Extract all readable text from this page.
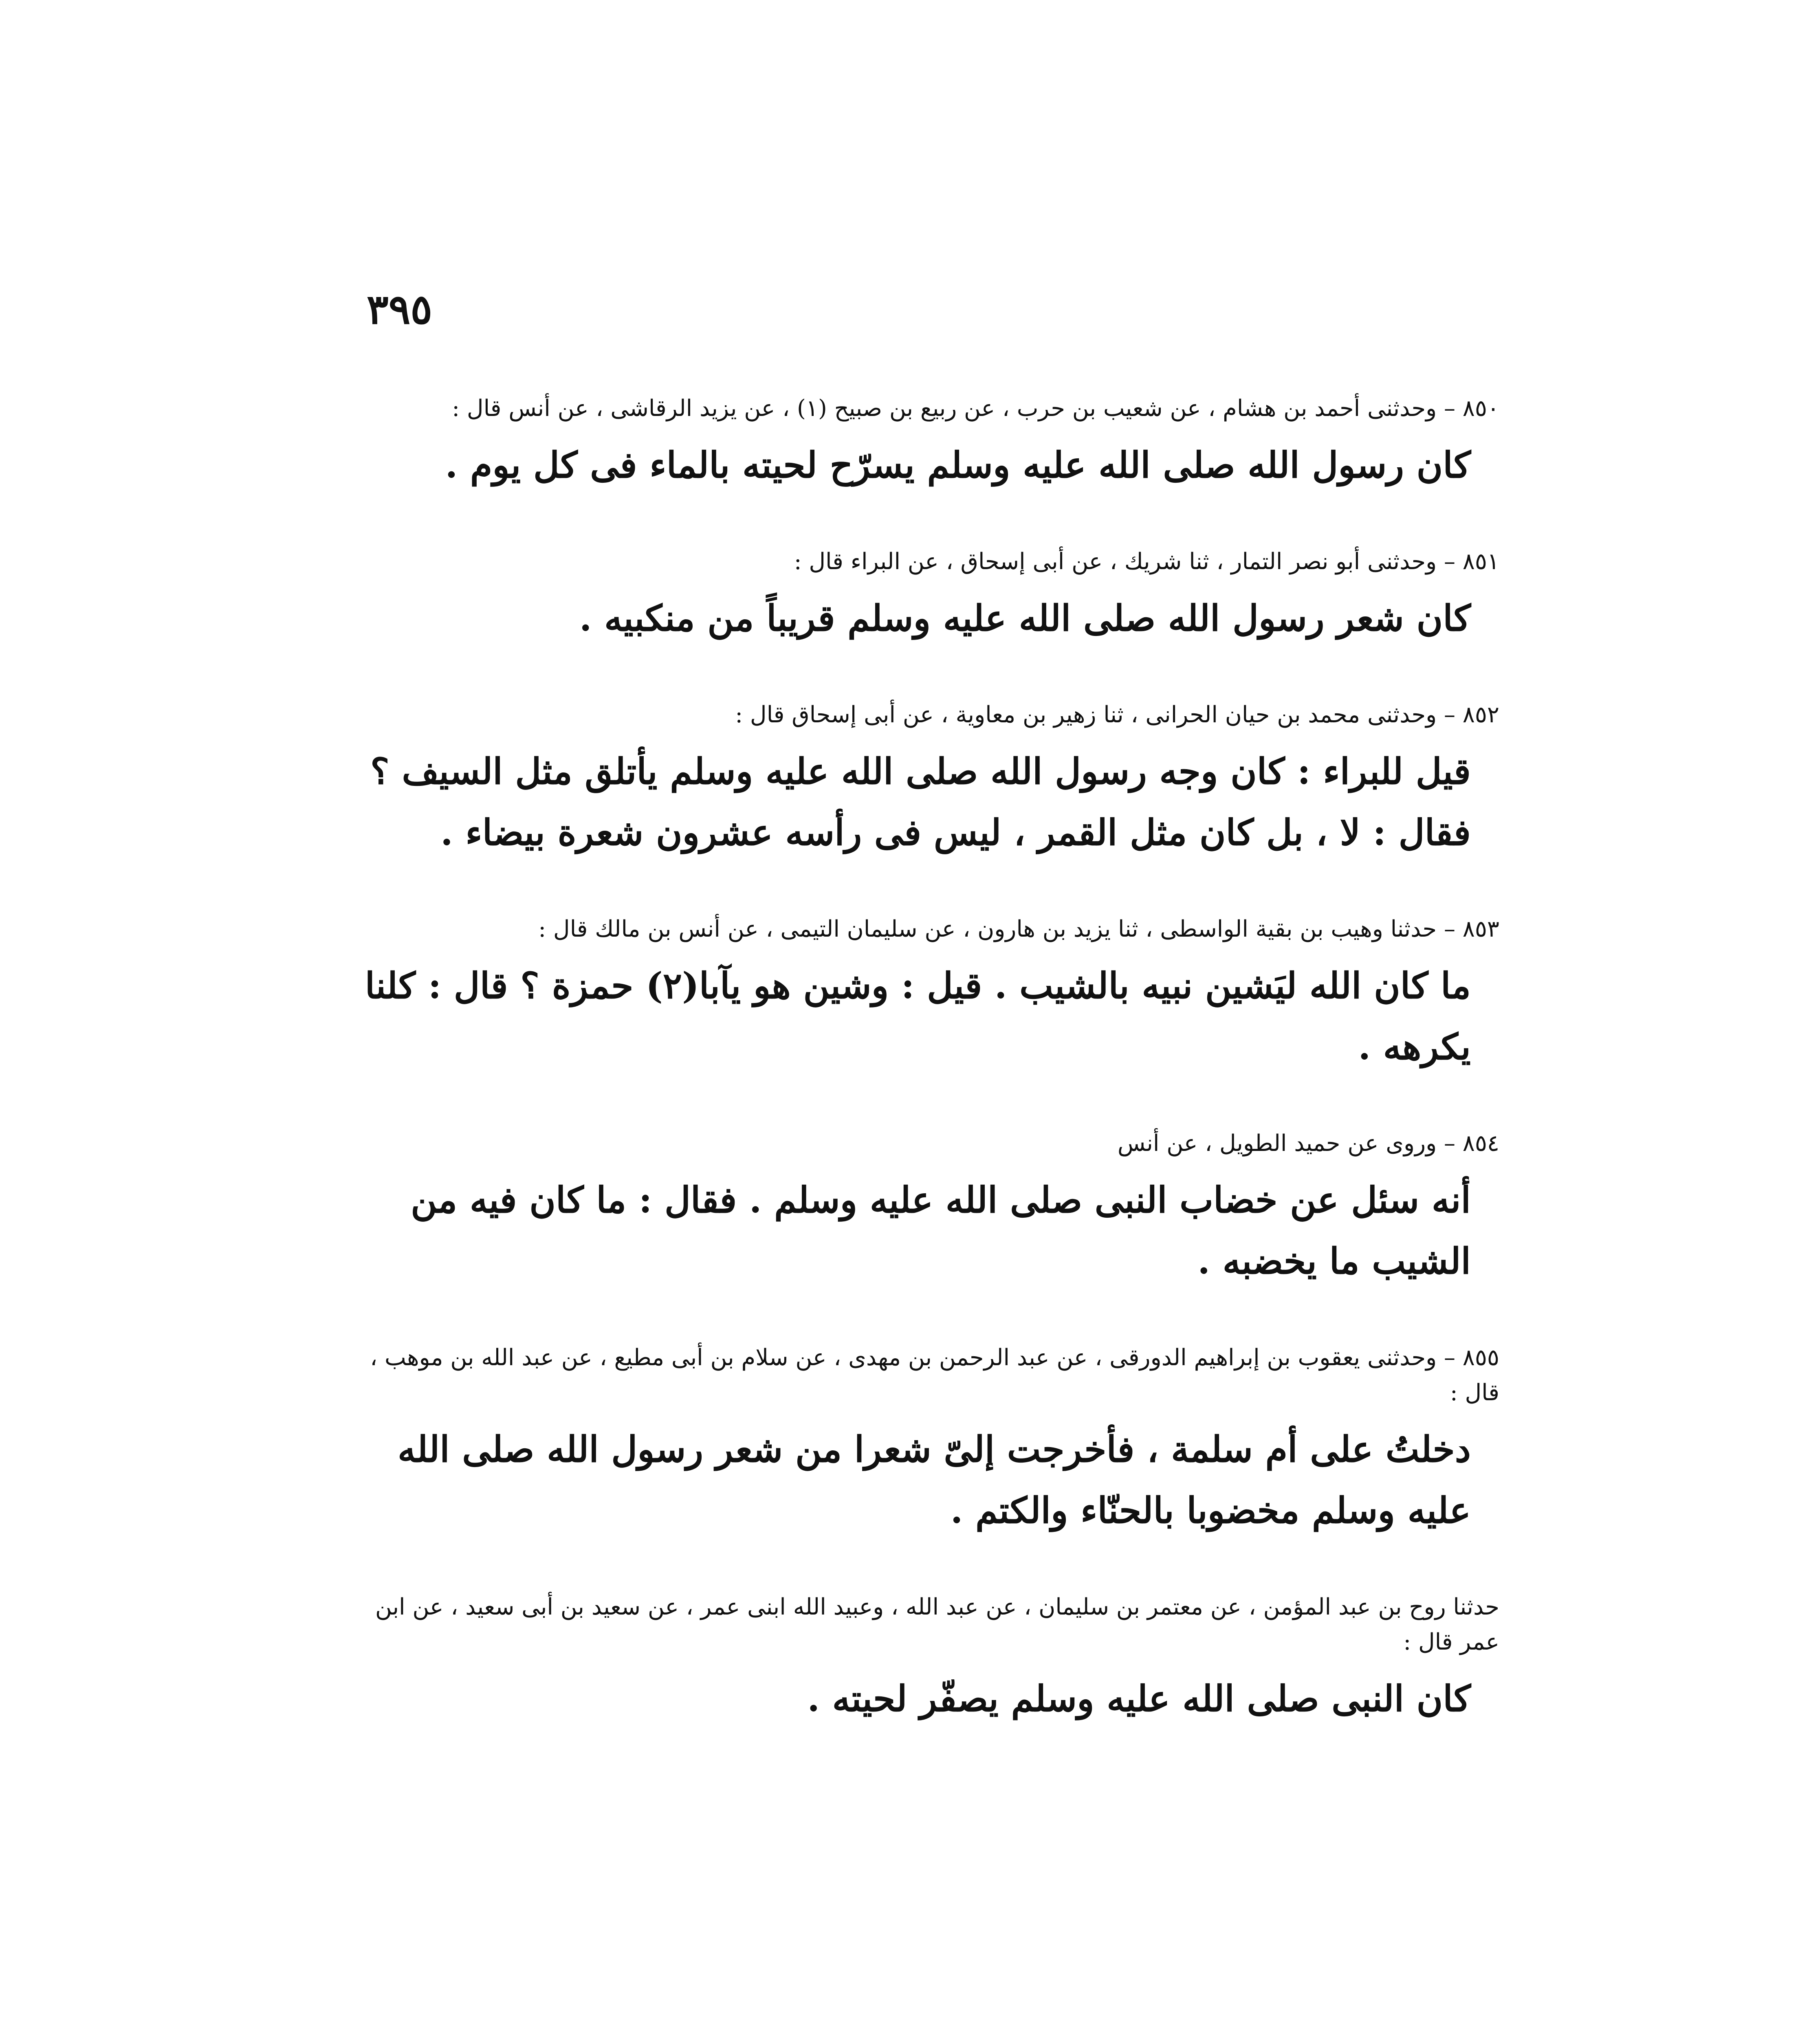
٣٩٥

٨٥٠ – وحدثنى أحمد بن هشام ، عن شعيب بن حرب ، عن ربيع بن صبيح (١) ، عن يزيد الرقاشى ، عن أنس قال :

كان رسول الله صلى الله عليه وسلم يسرّح لحيته بالماء فى كل يوم .

٨٥١ – وحدثنى أبو نصر التمار ، ثنا شريك ، عن أبى إسحاق ، عن البراء قال :

كان شعر رسول الله صلى الله عليه وسلم قريباً من منكبيه .

٨٥٢ – وحدثنى محمد بن حيان الحرانى ، ثنا زهير بن معاوية ، عن أبى إسحاق قال :

قيل للبراء : كان وجه رسول الله صلى الله عليه وسلم يأتلق مثل السيف ؟ فقال : لا ، بل كان مثل القمر ، ليس فى رأسه عشرون شعرة بيضاء .

٨٥٣ – حدثنا وهيب بن بقية الواسطى ، ثنا يزيد بن هارون ، عن سليمان التيمى ، عن أنس بن مالك قال :

ما كان الله ليَشين نبيه بالشيب . قيل : وشين هو يآبا(٢) حمزة ؟ قال : كلنا يكرهه .

٨٥٤ – وروى عن حميد الطويل ، عن أنس

أنه سئل عن خضاب النبى صلى الله عليه وسلم . فقال : ما كان فيه من الشيب ما يخضبه .

٨٥٥ – وحدثنى يعقوب بن إبراهيم الدورقى ، عن عبد الرحمن بن مهدى ، عن سلام بن أبى مطيع ، عن عبد الله بن موهب ، قال :

دخلتُ على أم سلمة ، فأخرجت إلىّ شعرا من شعر رسول الله صلى الله عليه وسلم مخضوبا بالحنّاء والكتم .

حدثنا روح بن عبد المؤمن ، عن معتمر بن سليمان ، عن عبد الله ، وعبيد الله ابنى عمر ، عن سعيد بن أبى سعيد ، عن ابن عمر قال :

كان النبى صلى الله عليه وسلم يصفّر لحيته .
